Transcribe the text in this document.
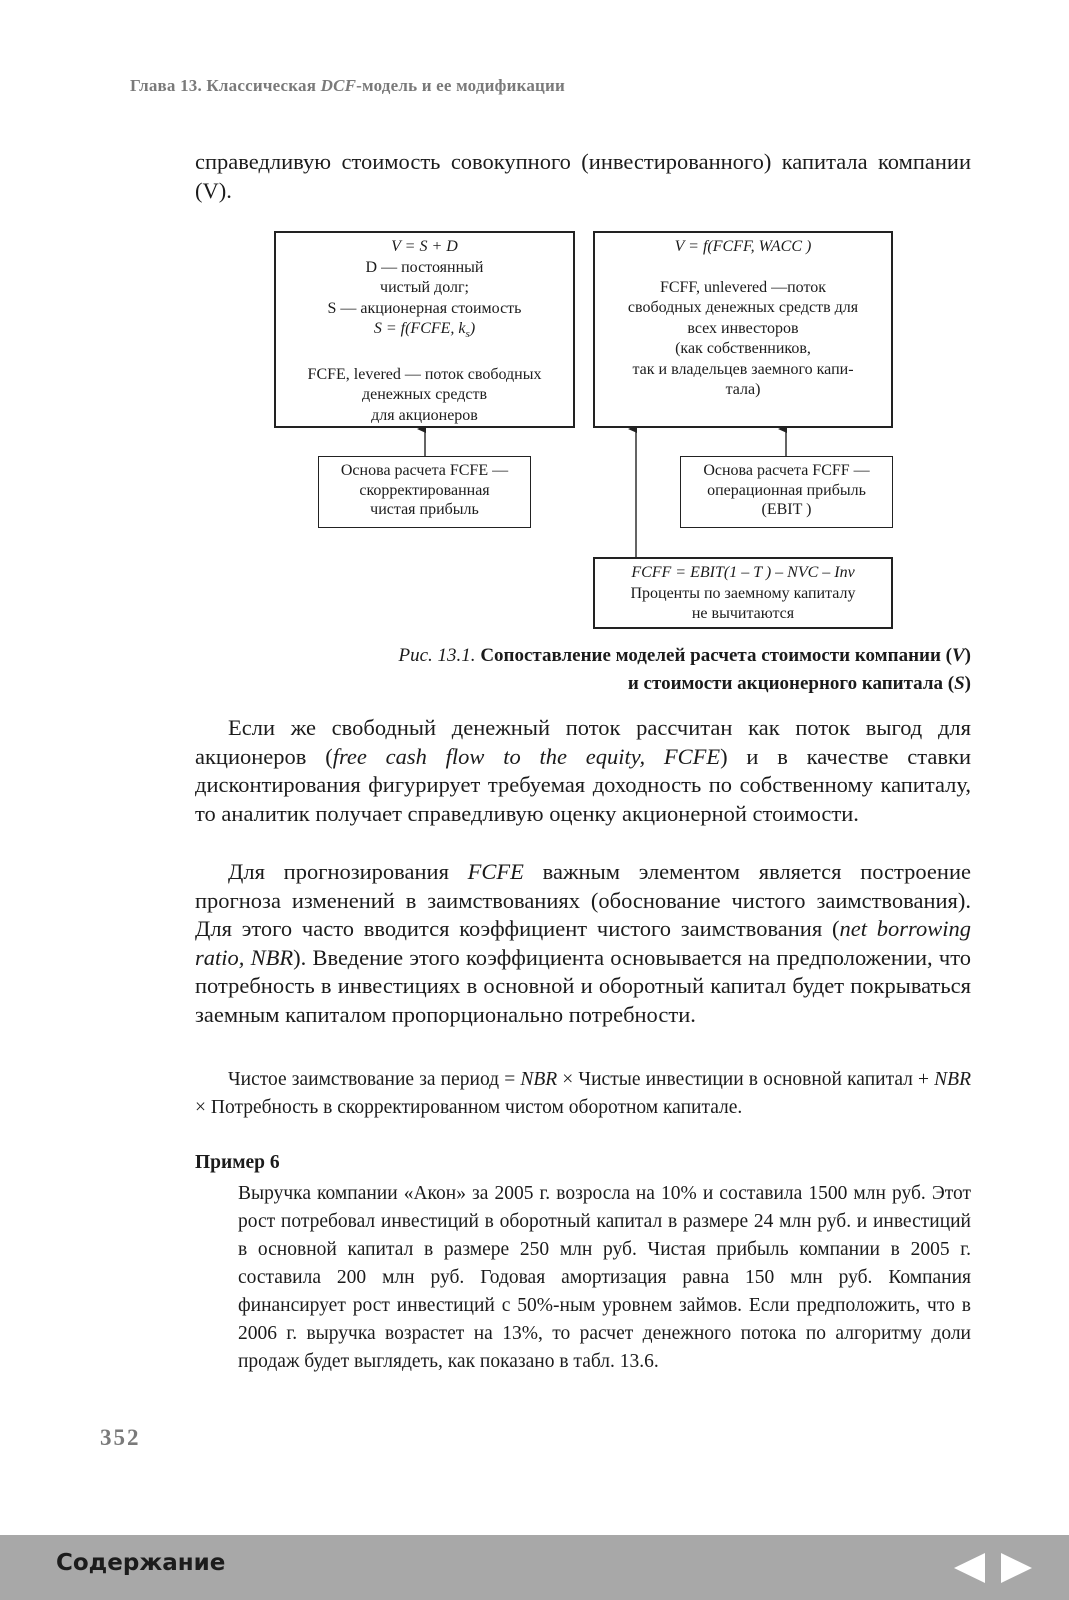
Глава 13. Классическая DCF-модель и ее модификации

справедливую стоимость совокупного (инвестированного) капитала компании (V).

V = S + D
D — постоянный
чистый долг;
S — акционерная стоимость
S = f(FCFE, $k_s$)
FCFE, levered — поток свободных
денежных средств
для акционеров
V = f(FCFF, WACC )
FCFF, unlevered —поток
свободных денежных средств для
всех инвесторов
(как собственников,
так и владельцев заемного капи-
тала)
Основа расчета FCFE —
скорректированная
чистая прибыль
Основа расчета FCFF —
операционная прибыль
(EBIT )
FCFF = EBIT(1 – T ) – NVC – Inv
Проценты по заемному капиталу
не вычитаются
Рис. 13.1. Сопоставление моделей расчета стоимости компании (V)
и стоимости акционерного капитала (S)

Если же свободный денежный поток рассчитан как поток выгод для акционеров (free cash flow to the equity, FCFE) и в качестве ставки дисконтирования фигурирует требуемая доходность по собственному капиталу, то аналитик получает справедливую оценку акционерной стоимости.

Для прогнозирования FCFE важным элементом является построение прогноза изменений в заимствованиях (обоснование чистого заимствования). Для этого часто вводится коэффициент чистого заимствования (net borrowing ratio, NBR). Введение этого коэффициента основывается на предположении, что потребность в инвестициях в основной и оборотный капитал будет покрываться заемным капиталом пропорционально потребности.

Чистое заимствование за период = NBR × Чистые инвестиции в основной капитал + NBR × Потребность в скорректированном чистом оборотном капитале.

Пример 6

Выручка компании «Акон» за 2005 г. возросла на 10% и составила 1500 млн руб. Этот рост потребовал инвестиций в оборотный капитал в размере 24 млн руб. и инвестиций в основной капитал в размере 250 млн руб. Чистая прибыль компании в 2005 г. составила 200 млн руб. Годовая амортизация равна 150 млн руб. Компания финансирует рост инвестиций с 50%-ным уровнем займов. Если предположить, что в 2006 г. выручка возрастет на 13%, то расчет денежного потока по алгоритму доли продаж будет выглядеть, как показано в табл. 13.6.

352
Содержание
